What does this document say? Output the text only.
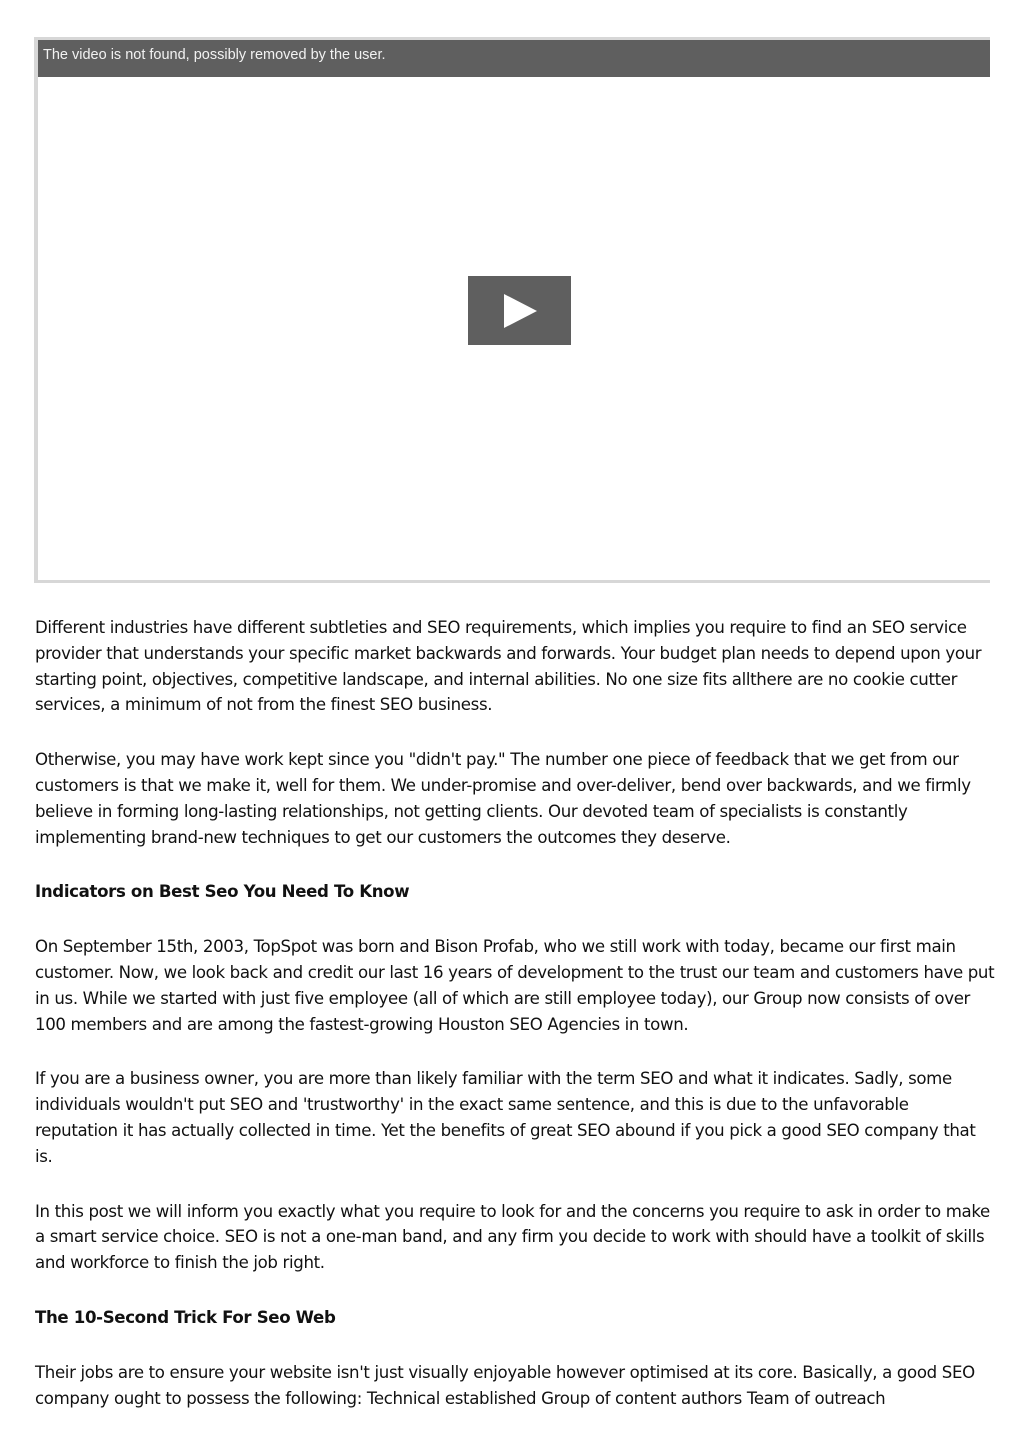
The video is not found, possibly removed by the user.

Different industries have different subtleties and SEO requirements, which implies you require to find an SEO service provider that understands your specific market backwards and forwards. Your budget plan needs to depend upon your starting point, objectives, competitive landscape, and internal abilities. No one size fits allthere are no cookie cutter services, a minimum of not from the finest SEO business.

Otherwise, you may have work kept since you "didn't pay." The number one piece of feedback that we get from our customers is that we make it, well for them. We under-promise and over-deliver, bend over backwards, and we firmly believe in forming long-lasting relationships, not getting clients. Our devoted team of specialists is constantly implementing brand-new techniques to get our customers the outcomes they deserve.

Indicators on Best Seo You Need To Know

On September 15th, 2003, TopSpot was born and Bison Profab, who we still work with today, became our first main customer. Now, we look back and credit our last 16 years of development to the trust our team and customers have put in us. While we started with just five employee (all of which are still employee today), our Group now consists of over 100 members and are among the fastest-growing Houston SEO Agencies in town.

If you are a business owner, you are more than likely familiar with the term SEO and what it indicates. Sadly, some individuals wouldn't put SEO and 'trustworthy' in the exact same sentence, and this is due to the unfavorable reputation it has actually collected in time. Yet the benefits of great SEO abound if you pick a good SEO company that is.

In this post we will inform you exactly what you require to look for and the concerns you require to ask in order to make a smart service choice. SEO is not a one-man band, and any firm you decide to work with should have a toolkit of skills and workforce to finish the job right.

The 10-Second Trick For Seo Web

Their jobs are to ensure your website isn't just visually enjoyable however optimised at its core. Basically, a good SEO company ought to possess the following: Technical established Group of content authors Team of outreach
